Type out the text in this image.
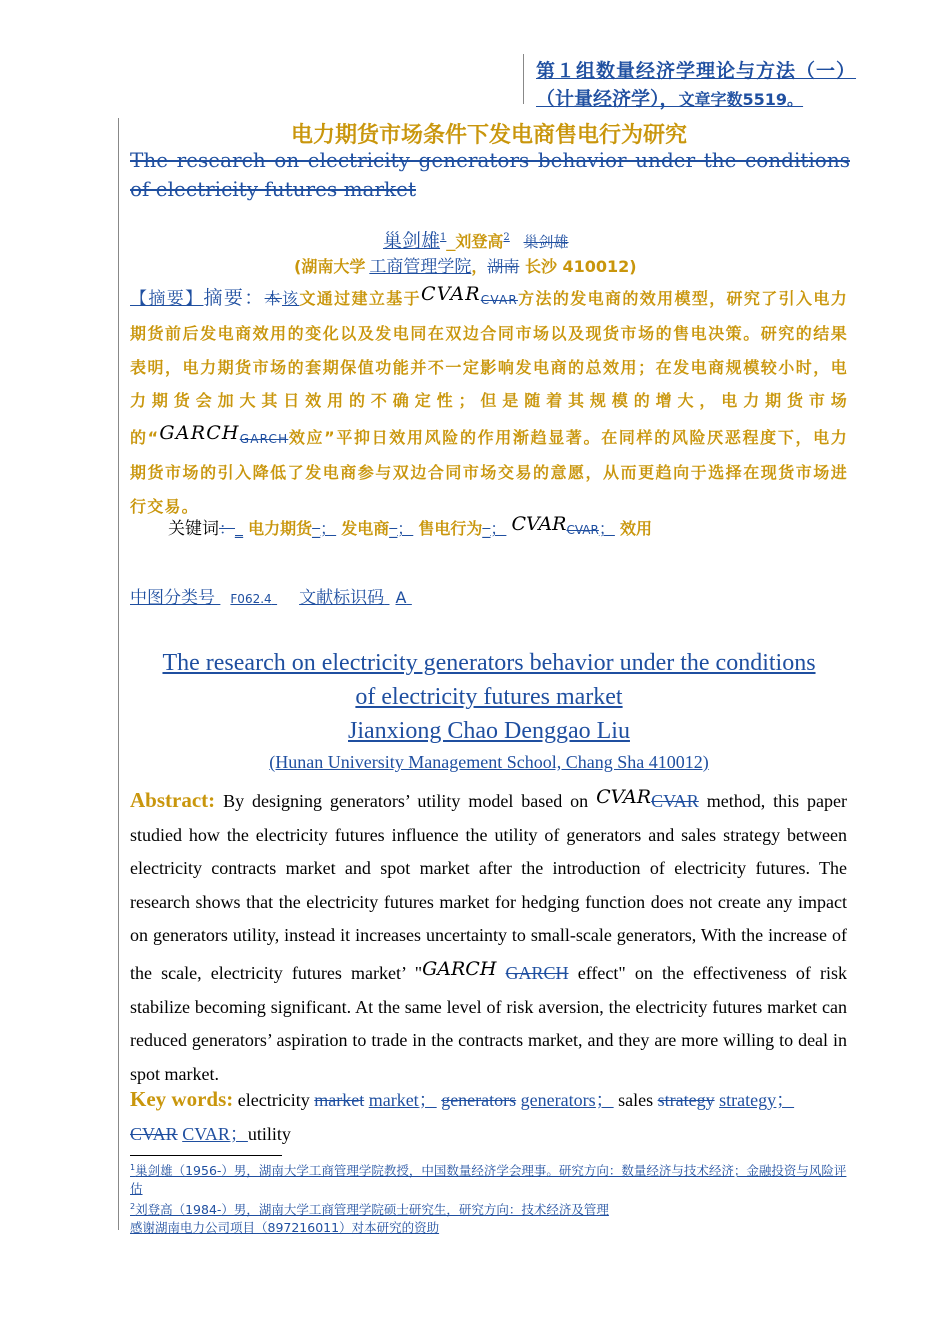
第１组数量经济学理论与方法（一）
（计量经济学），文章字数5519。
电力期货市场条件下发电商售电行为研究
The research on electricity generators behavior under the conditions
of electricity futures market
巢剑雄$^1$_刘登高$^2$ 巢剑雄
(湖南大学 工商管理学院，湖南 长沙 410012)
【摘要】摘要：本该文通过建立基于CVARCVAR方法的发电商的效用模型，研究了引入电力期货前后发电商效用的变化以及发电同在双边合同市场以及现货市场的售电决策。研究的结果表明，电力期货市场的套期保值功能并不一定影响发电商的总效用；在发电商规模较小时，电力期货会加大其日效用的不确定性；但是随着其规模的增大，电力期货市场的“GARCHGARCH效应”平抑日效用风险的作用渐趋显著。在同样的风险厌恶程度下，电力期货市场的引入降低了发电商参与双边合同市场交易的意愿，从而更趋向于选择在现货市场进行交易。
关键词：_ 电力期货_； 发电商_； 售电行为_； CVARCVAR； 效用
中图分类号 F062.4 文献标识码 A
The research on electricity generators behavior under the conditions
of electricity futures market
Jianxiong Chao Denggao Liu
(Hunan University Management School, Chang Sha 410012)
Abstract: By designing generators’ utility model based on CVARCVAR method, this paper studied how the electricity futures influence the utility of generators and sales strategy between electricity contracts market and spot market after the introduction of electricity futures. The research shows that the electricity futures market for hedging function does not create any impact on generators utility, instead it increases uncertainty to small-scale generators, With the increase of the scale, electricity futures market’ "GARCH GARCH effect" on the effectiveness of risk stabilize becoming significant. At the same level of risk aversion, the electricity futures market can reduced generators’ aspiration to trade in the contracts market, and they are more willing to deal in spot market.
Key words: electricity market market； generators generators； sales strategy strategy；
CVAR CVAR；utility
$^1$巢剑雄（1956-）男，湖南大学工商管理学院教授，中国数量经济学会理事。研究方向：数量经济与技术经济；金融投资与风险评估
$^2$刘登高（1984-）男，湖南大学工商管理学院硕士研究生，研究方向：技术经济及管理
感谢湖南电力公司项目（897216011）对本研究的资助
